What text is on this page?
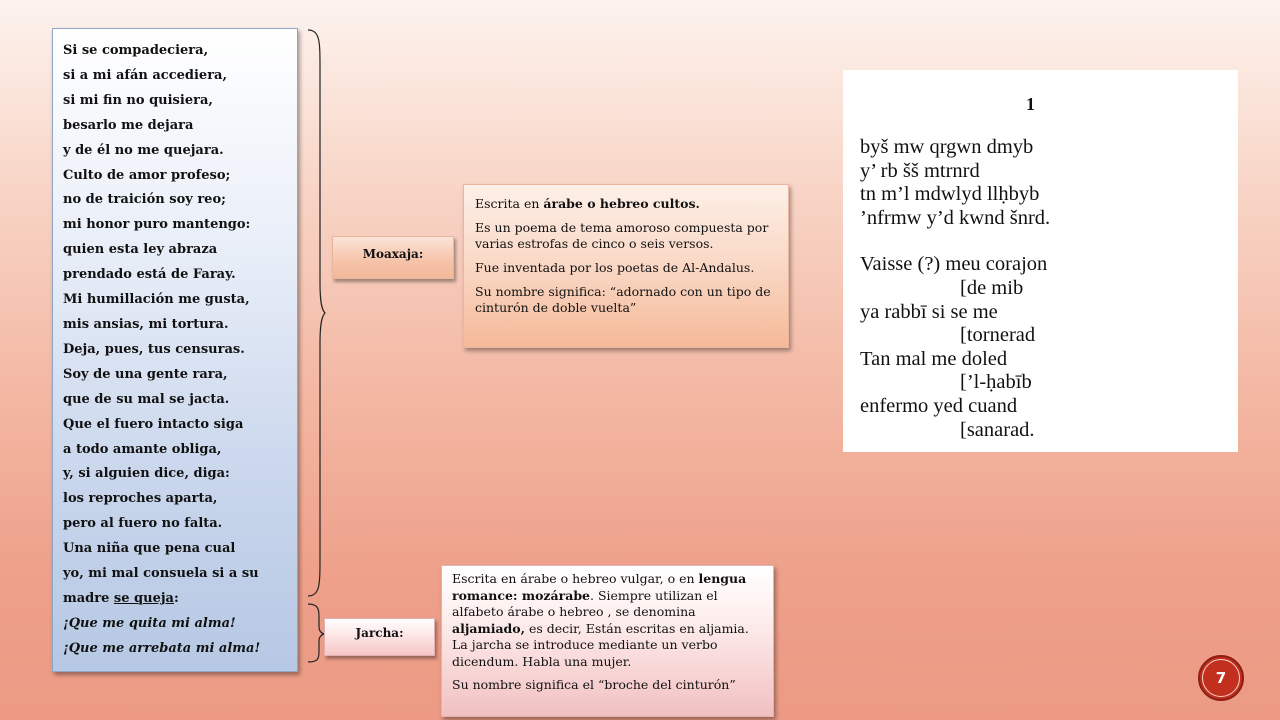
Si se compadeciera,
si a mi afán accediera,
si mi fin no quisiera,
besarlo me dejara
y de él no me quejara.
Culto de amor profeso;
no de traición soy reo;
mi honor puro mantengo:
quien esta ley abraza
prendado está de Faray.
Mi humillación me gusta,
mis ansias, mi tortura.
Deja, pues, tus censuras.
Soy de una gente rara,
que de su mal se jacta.
Que el fuero intacto siga
a todo amante obliga,
y, si alguien dice, diga:
los reproches aparta,
pero al fuero no falta.
Una niña que pena cual
yo, mi mal consuela si a su
madre se queja:
¡Que me quita mi alma!
¡Que me arrebata mi alma!
Moaxaja:
Jarcha:

Escrita en árabe o hebreo cultos.

Es un poema de tema amoroso compuesta por varias estrofas de cinco o seis versos.

Fue inventada por los poetas de Al-Andalus.

Su nombre significa: “adornado con un tipo de cinturón de doble vuelta”

Escrita en árabe o hebreo vulgar, o en lengua romance: mozárabe. Siempre utilizan el alfabeto árabe o hebreo , se denomina aljamiado, es decir, Están escritas en aljamia. La jarcha se introduce mediante un verbo dicendum. Habla una mujer.

Su nombre significa el “broche del cinturón”

1
byš mw qrgwn dmyb
y’ rb šš mtrnrd
tn m’l mdwlyd llḥbyb
’nfrmw y’d kwnd šnrd.
Vaisse (?) meu corajon
[de mib
ya rabbī si se me
[tornerad
Tan mal me doled
[’l-ḥabīb
enfermo yed cuand
[sanarad.
7
